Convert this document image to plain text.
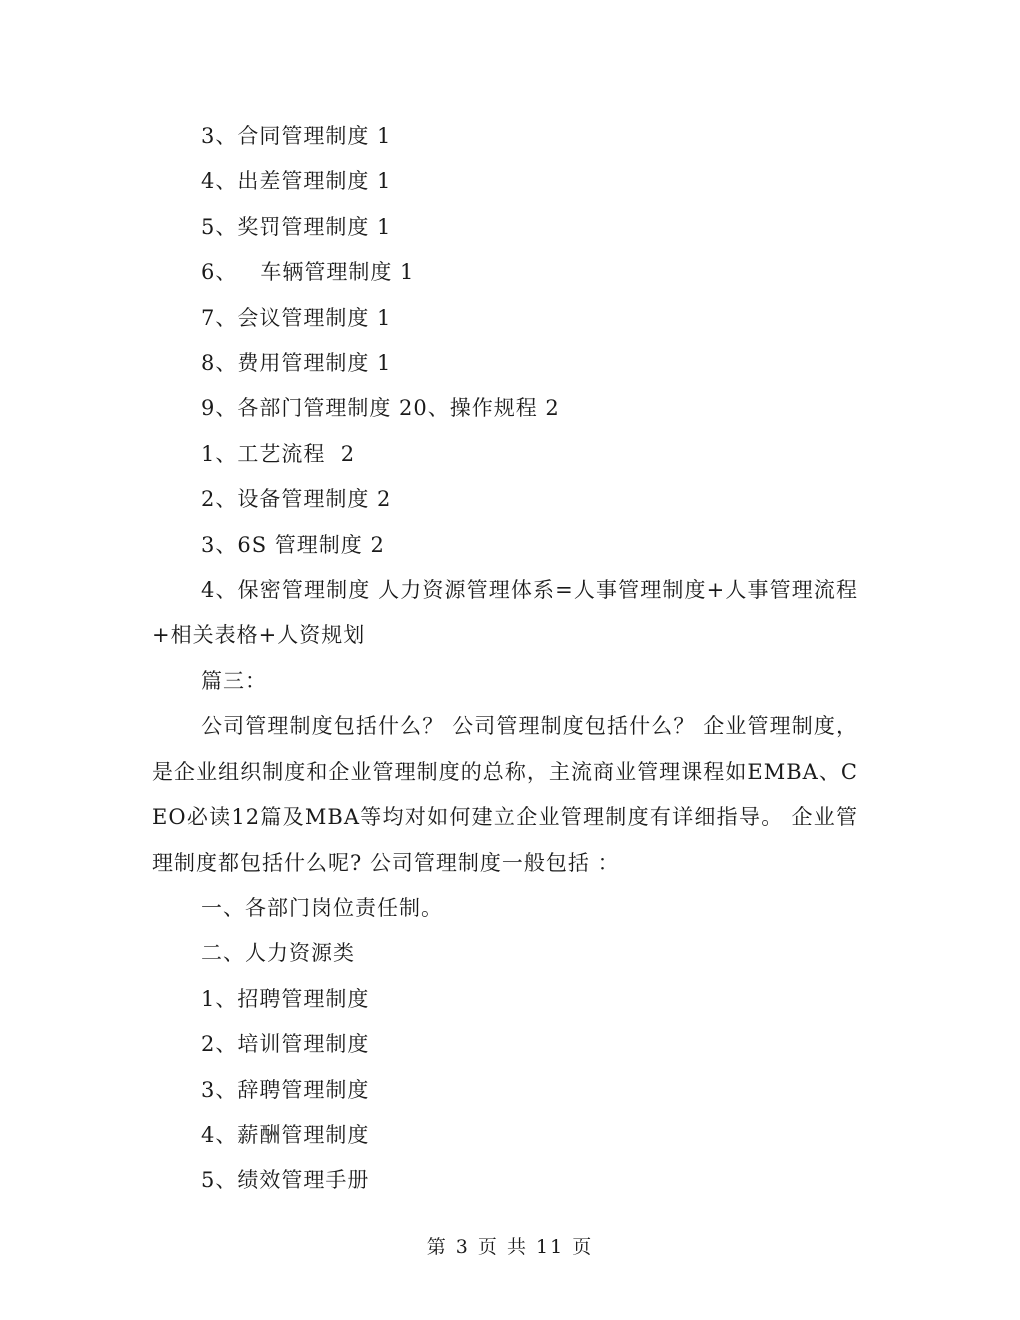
3、合同管理制度 1
4、出差管理制度 1
5、奖罚管理制度 1
6、   车辆管理制度 1
7、会议管理制度 1
8、费用管理制度 1
9、各部门管理制度 20、操作规程 2
1、工艺流程  2
2、设备管理制度 2
3、6S 管理制度 2
4、保密管理制度 人力资源管理体系=人事管理制度+人事管理流程+相关表格+人资规划
篇三：
公司管理制度包括什么？ 公司管理制度包括什么？ 企业管理制度，是企业组织制度和企业管理制度的总称，主流商业管理课程如EMBA、CEO必读12篇及MBA等均对如何建立企业管理制度有详细指导。 企业管理制度都包括什么呢? 公司管理制度一般包括 ：
一、各部门岗位责任制。
二、人力资源类
1、招聘管理制度
2、培训管理制度
3、辞聘管理制度
4、薪酬管理制度
5、绩效管理手册
第 3 页 共 11 页
